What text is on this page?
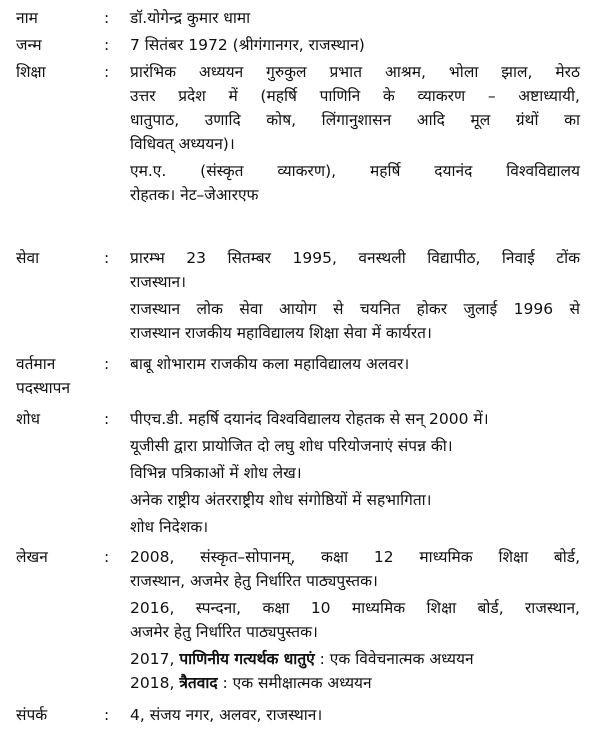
नाम	: डॉ.योगेन्द्र कुमार धामा
जन्म	: 7 सितंबर 1972 (श्रीगंगानगर, राजस्थान)
शिक्षा	: प्रारंभिक अध्ययन गुरुकुल प्रभात आश्रम, भोला झाल, मेरठ
उत्तर प्रदेश में (महर्षि पाणिनि के व्याकरण – अष्टाध्यायी,
धातुपाठ, उणादि कोष, लिंगानुशासन आदि मूल ग्रंथों का
विधिवत् अध्ययन)।
एम.ए. (संस्कृत व्याकरण), महर्षि दयानंद विश्वविद्यालय
रोहतक। नेट–जेआरएफ
सेवा	: प्रारम्भ 23 सितम्बर 1995, वनस्थली विद्यापीठ, निवाई टोंक
राजस्थान।
राजस्थान लोक सेवा आयोग से चयनित होकर जुलाई 1996 से
राजस्थान राजकीय महाविद्यालय शिक्षा सेवा में कार्यरत।
वर्तमान
पदस्थापन
: बाबू शोभाराम राजकीय कला महाविद्यालय अलवर।
शोध	: पीएच.डी. महर्षि दयानंद विश्वविद्यालय रोहतक से सन् 2000 में।
यूजीसी द्वारा प्रायोजित दो लघु शोध परियोजनाएं संपन्न की।
विभिन्न पत्रिकाओं में शोध लेख।
अनेक राष्ट्रीय अंतरराष्ट्रीय शोध संगोष्ठियों में सहभागिता।
शोध निदेशक।
लेखन	: 2008, संस्कृत–सोपानम्, कक्षा 12 माध्यमिक शिक्षा बोर्ड,
राजस्थान, अजमेर हेतु निर्धारित पाठ्यपुस्तक।
2016, स्पन्दना, कक्षा 10 माध्यमिक शिक्षा बोर्ड, राजस्थान,
अजमेर हेतु निर्धारित पाठ्यपुस्तक।
2017, पाणिनीय गत्यर्थक धातुएं : एक विवेचनात्मक अध्ययन
2018, त्रैतवाद : एक समीक्षात्मक अध्ययन
संपर्क	: 4, संजय नगर, अलवर, राजस्थान।
